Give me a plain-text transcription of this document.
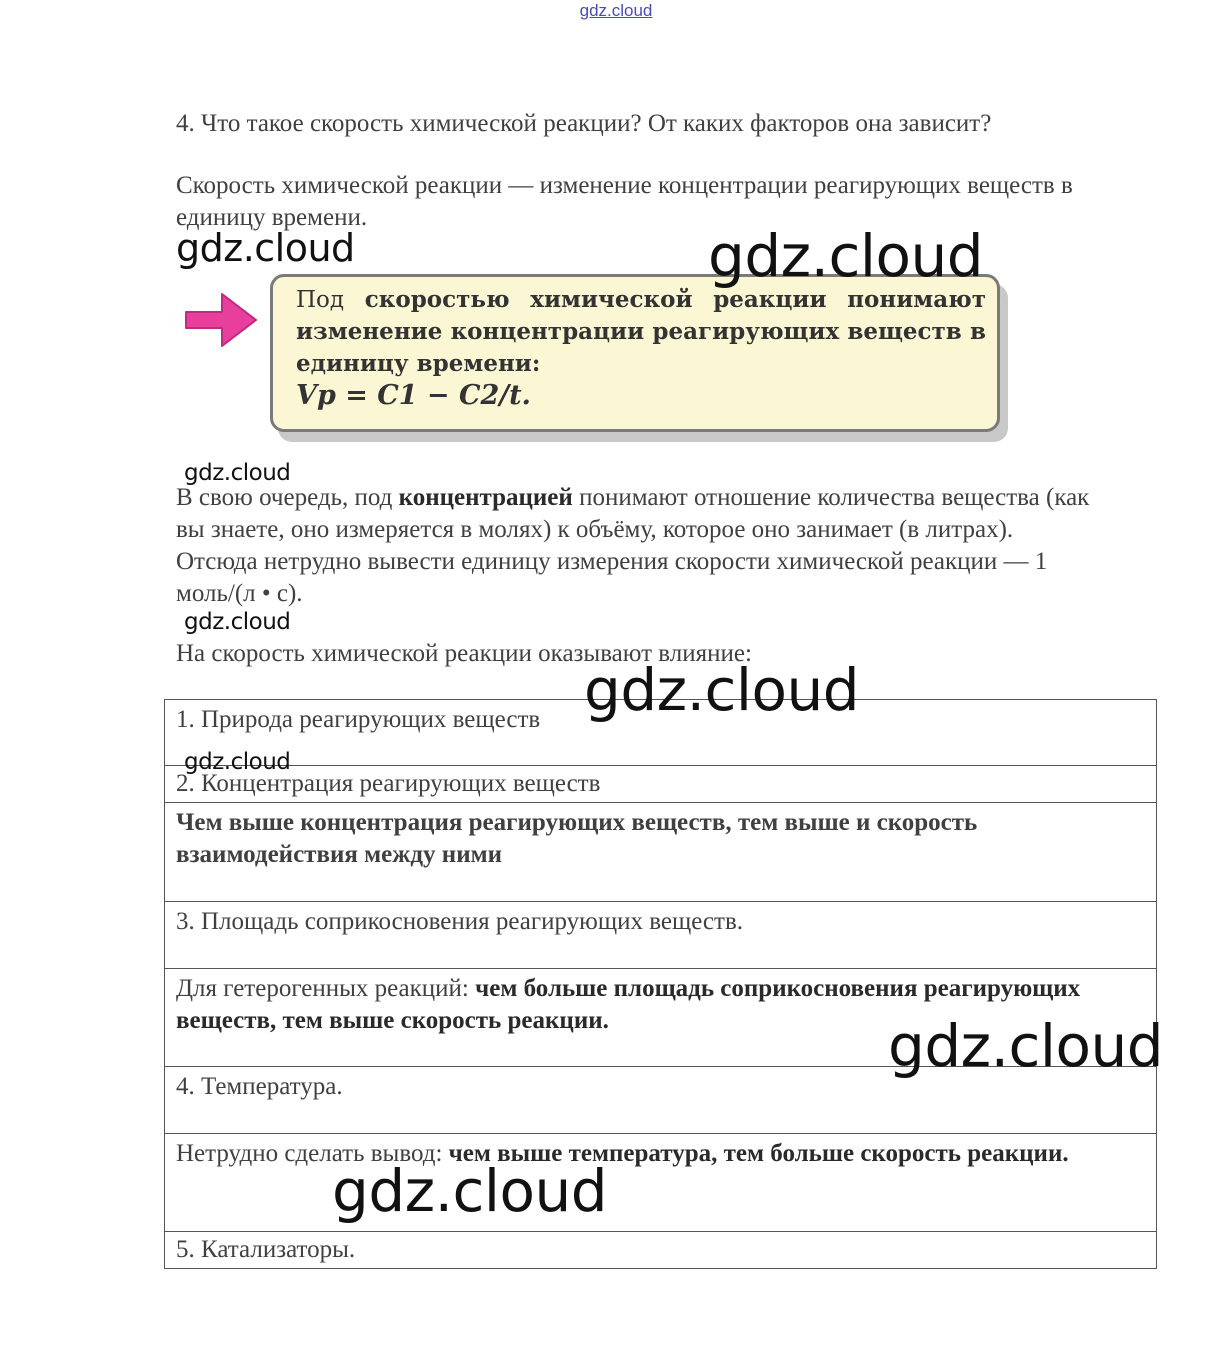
gdz.cloud
4. Что такое скорость химической реакции? От каких факторов она зависит?
Скорость химической реакции — изменение концентрации реагирующих веществ в единицу времени.
Под скоростью химической реакции понимают изменение концентрации реагирующих веществ в единицу времени:
Vp = C1 − C2/t.
В свою очередь, под концентрацией понимают отношение количества вещества (как вы знаете, оно измеряется в молях) к объёму, которое оно занимает (в литрах). Отсюда нетрудно вывести единицу измерения скорости химической реакции — 1 моль/(л • с).
На скорость химической реакции оказывают влияние:
1. Природа реагирующих веществ
2. Концентрация реагирующих веществ
Чем выше концентрация реагирующих веществ, тем выше и скорость взаимодействия между ними
3. Площадь соприкосновения реагирующих веществ.
Для гетерогенных реакций: чем больше площадь соприкосновения реагирующих веществ, тем выше скорость реакции.
4. Температура.
Нетрудно сделать вывод: чем выше температура, тем больше скорость реакции.
5. Катализаторы.
gdz.cloud	gdz.cloud
gdz.cloud
gdz.cloud
gdz.cloud
gdz.cloud
gdz.cloud
gdz.cloud
